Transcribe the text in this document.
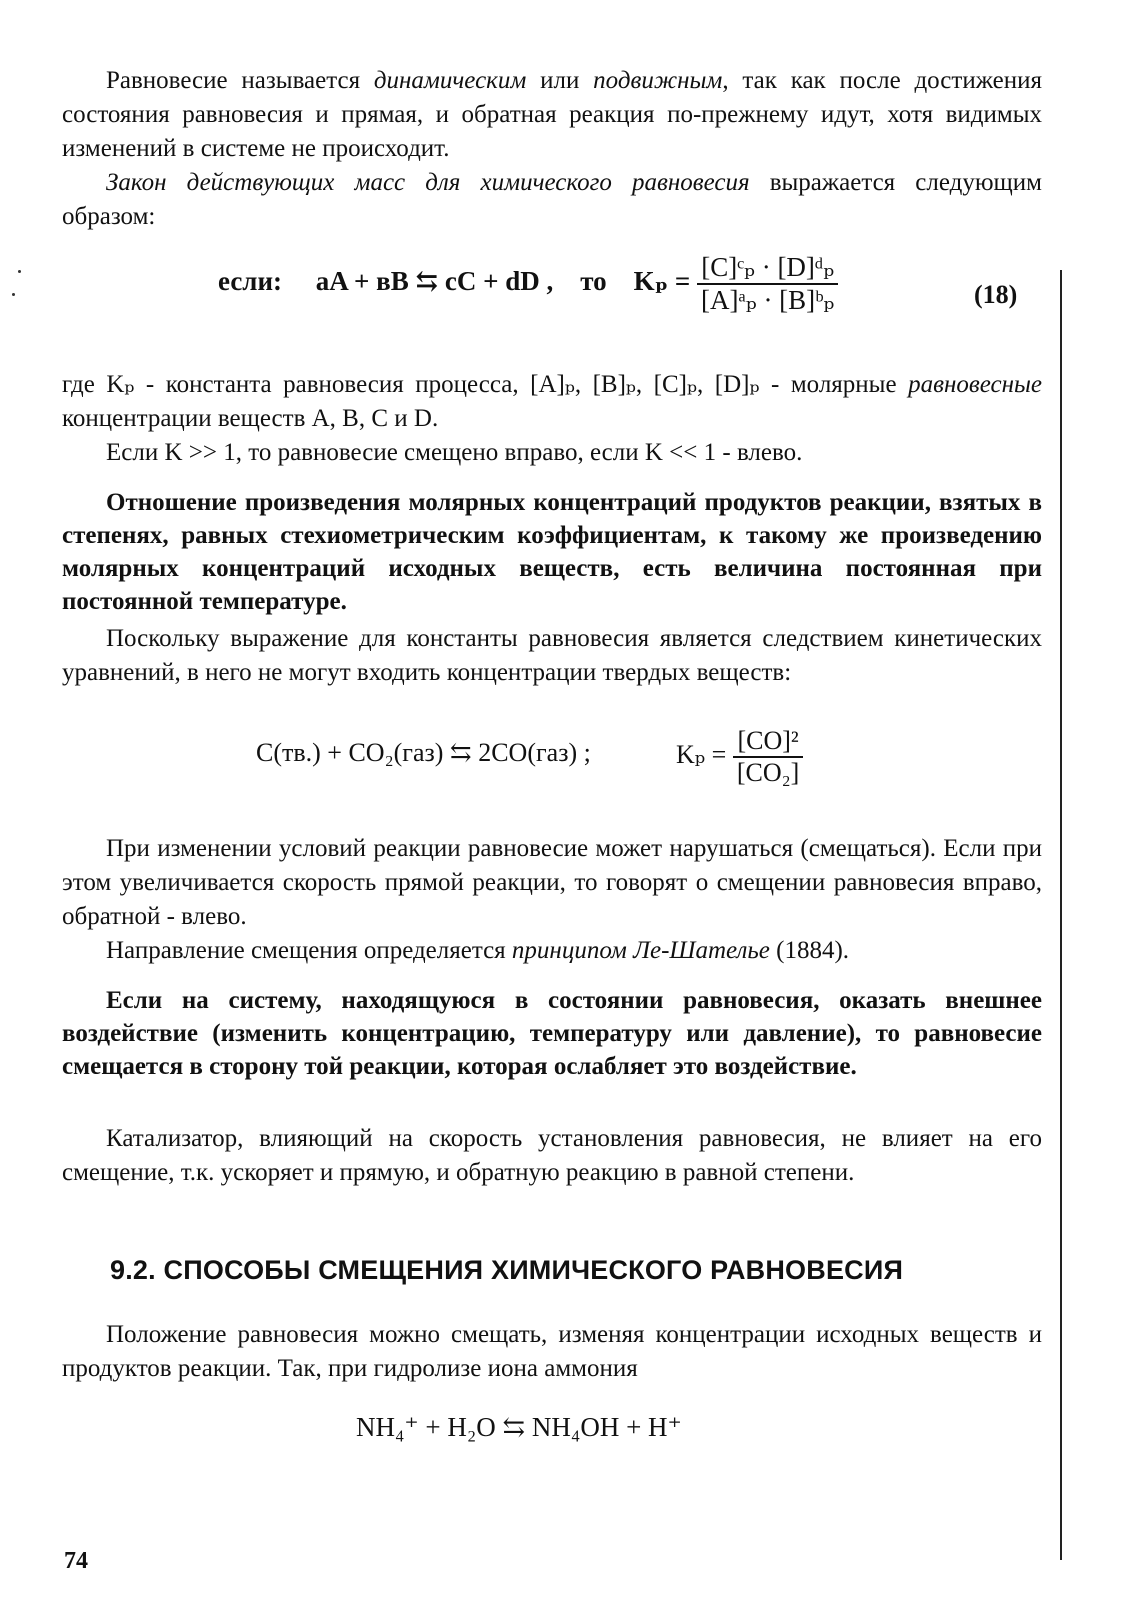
Равновесие называется динамическим или подвижным, так как после достижения состояния равновесия и прямая, и обратная реакция по-прежнему идут, хотя видимых изменений в системе не происходит.

Закон действующих масс для химического равновесия выражается следующим образом:

если: aA + вB ⇆ cC + dD , то $K_p = \frac{\text{[C]ᶜₚ · [D]ᵈₚ}}{\text{[A]ᵃₚ · [B]ᵇₚ}}$	(18)

где Kₚ - константа равновесия процесса, [A]ₚ, [B]ₚ, [C]ₚ, [D]ₚ - молярные равновесные концентрации веществ A, B, C и D.

Если K >> 1, то равновесие смещено вправо, если K << 1 - влево.

Отношение произведения молярных концентраций продуктов реакции, взятых в степенях, равных стехиометрическим коэффициентам, к такому же произведению молярных концентраций исходных веществ, есть величина постоянная при постоянной температуре.

Поскольку выражение для константы равновесия является следствием кинетических уравнений, в него не могут входить концентрации твердых веществ:

C(тв.) + CO₂(газ) ⇆ 2CO(газ) ;	$K_p = \frac{\text{[CO]²}}{\text{[CO₂]}}$

При изменении условий реакции равновесие может нарушаться (смещаться). Если при этом увеличивается скорость прямой реакции, то говорят о смещении равновесия вправо, обратной - влево.

Направление смещения определяется принципом Ле-Шателье (1884).

Если на систему, находящуюся в состоянии равновесия, оказать внешнее воздействие (изменить концентрацию, температуру или давление), то равновесие смещается в сторону той реакции, которая ослабляет это воздействие.

Катализатор, влияющий на скорость установления равновесия, не влияет на его смещение, т.к. ускоряет и прямую, и обратную реакцию в равной степени.

9.2. СПОСОБЫ СМЕЩЕНИЯ ХИМИЧЕСКОГО РАВНОВЕСИЯ

Положение равновесия можно смещать, изменяя концентрации исходных веществ и продуктов реакции. Так, при гидролизе иона аммония

NH₄⁺ + H₂O ⇆ NH₄OH + H⁺
74
